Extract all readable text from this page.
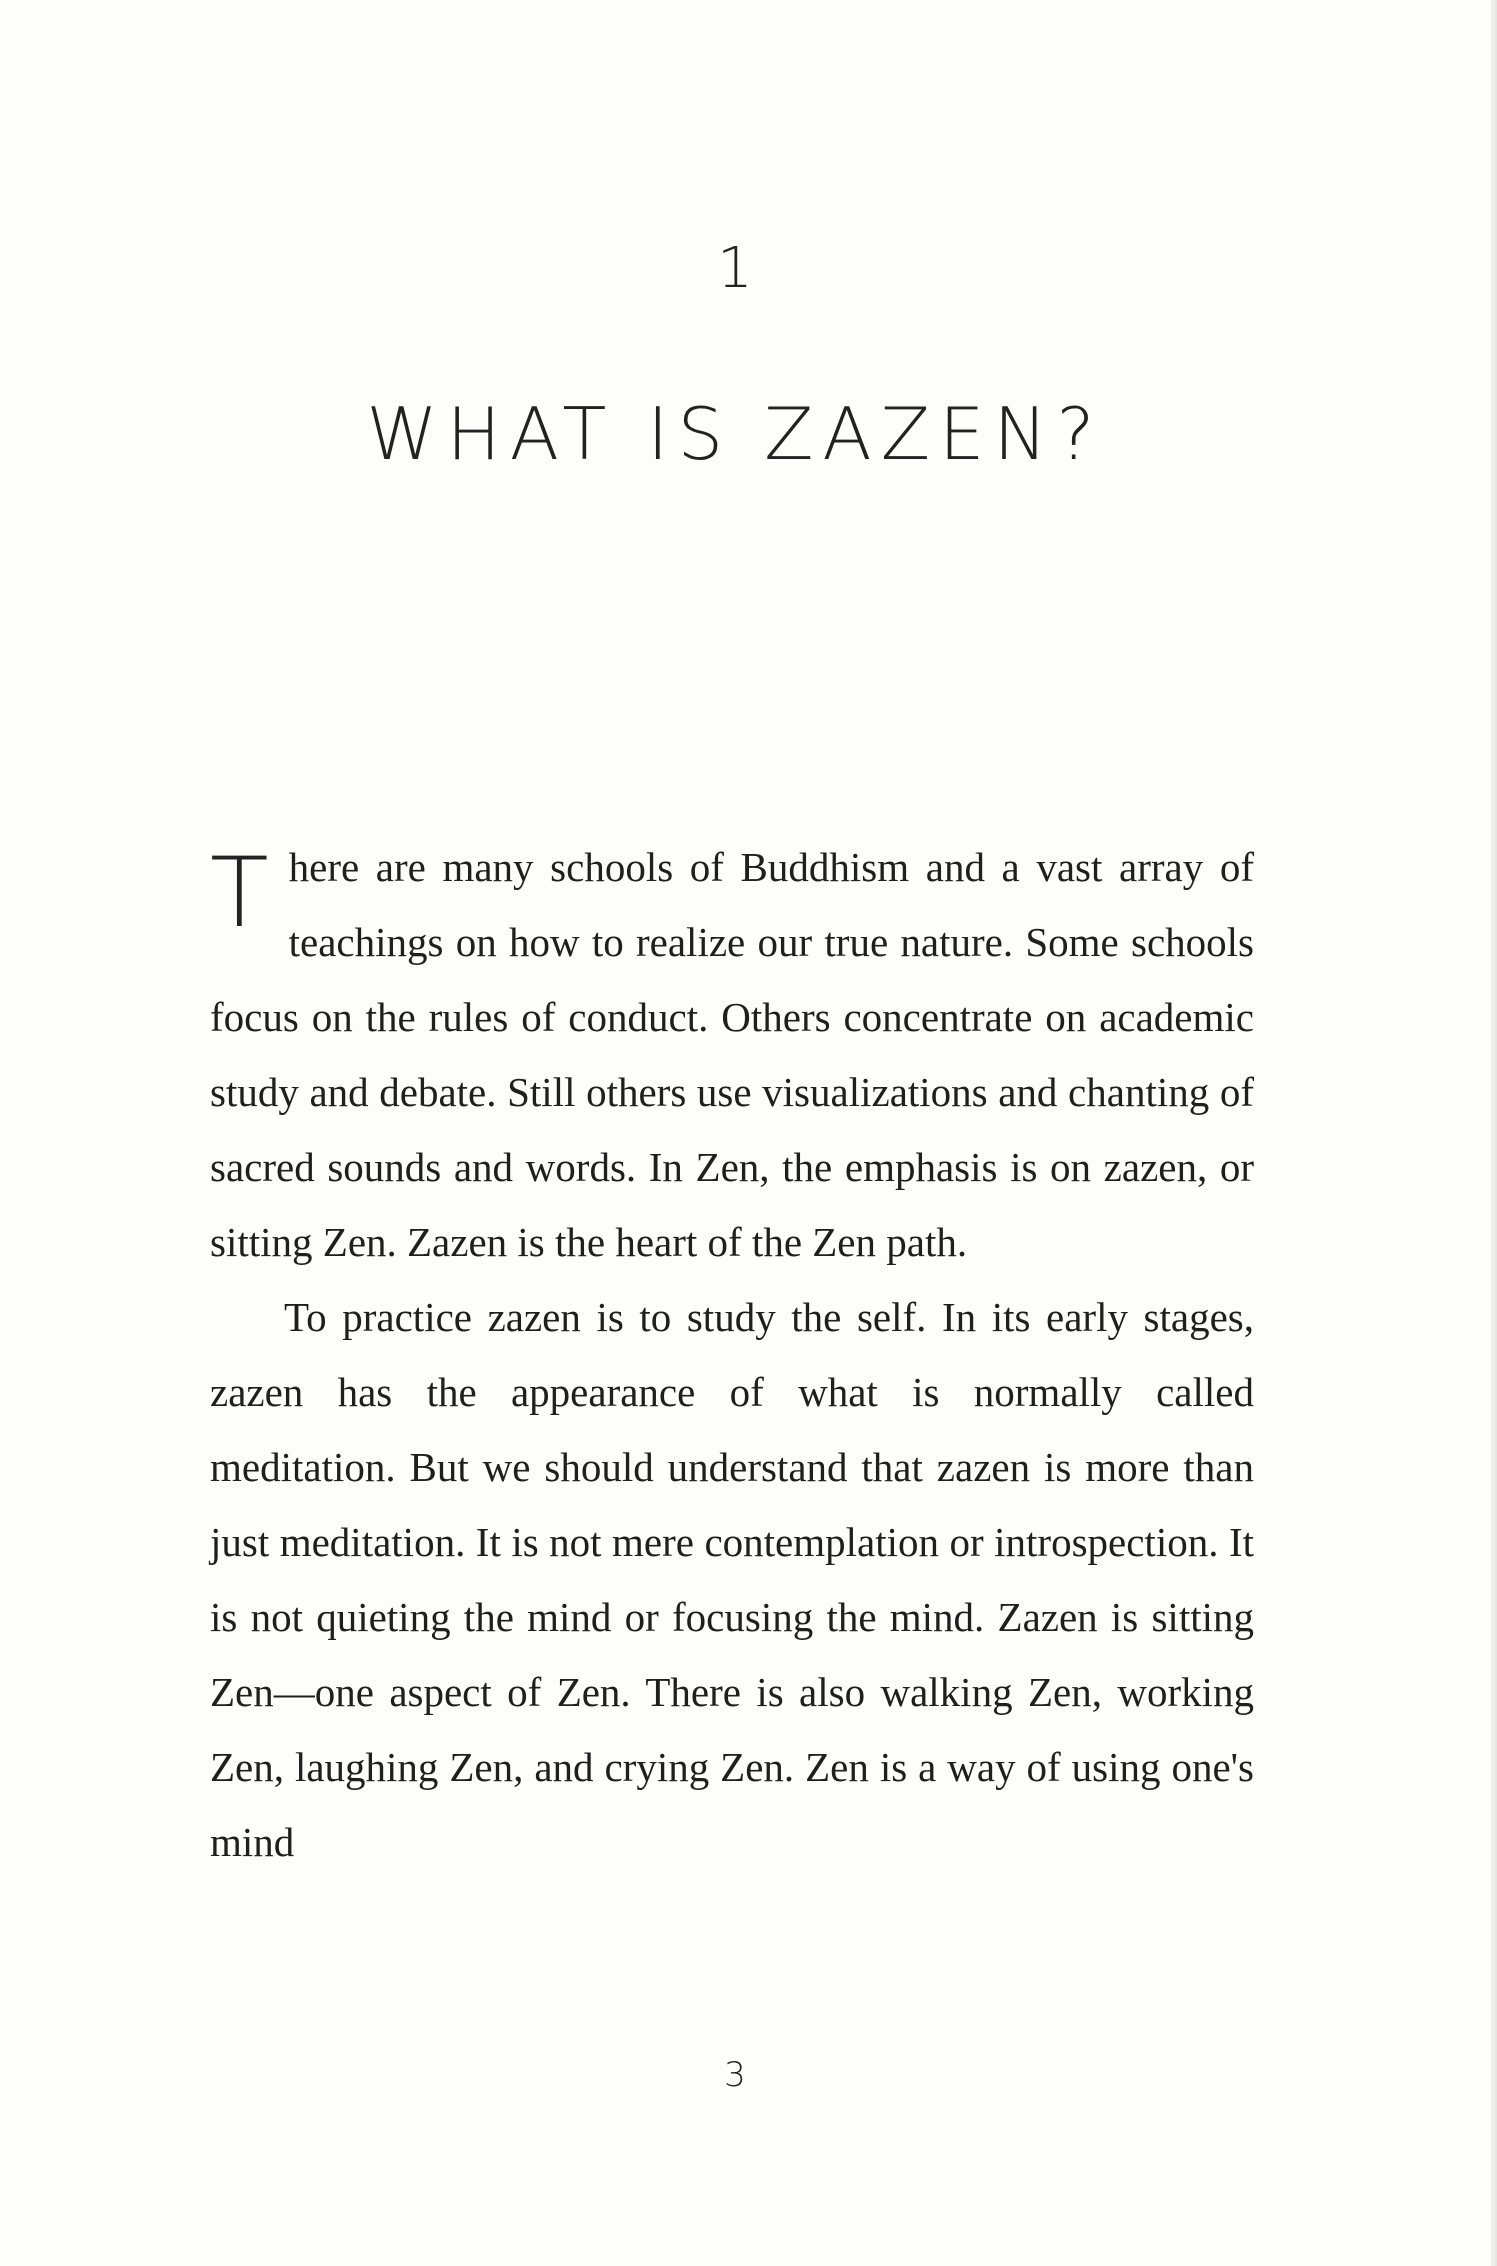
1
WHAT IS ZAZEN?

T here are many schools of Buddhism and a vast array of teachings on how to realize our true nature. Some schools focus on the rules of conduct. Others concentrate on academic study and debate. Still others use visualizations and chanting of sacred sounds and words. In Zen, the emphasis is on zazen, or sitting Zen. Zazen is the heart of the Zen path.

To practice zazen is to study the self. In its early stages, zazen has the appearance of what is normally called meditation. But we should understand that zazen is more than just meditation. It is not mere contemplation or introspection. It is not quieting the mind or focusing the mind. Zazen is sitting Zen—one aspect of Zen. There is also walking Zen, working Zen, laughing Zen, and crying Zen. Zen is a way of using one's mind

3
